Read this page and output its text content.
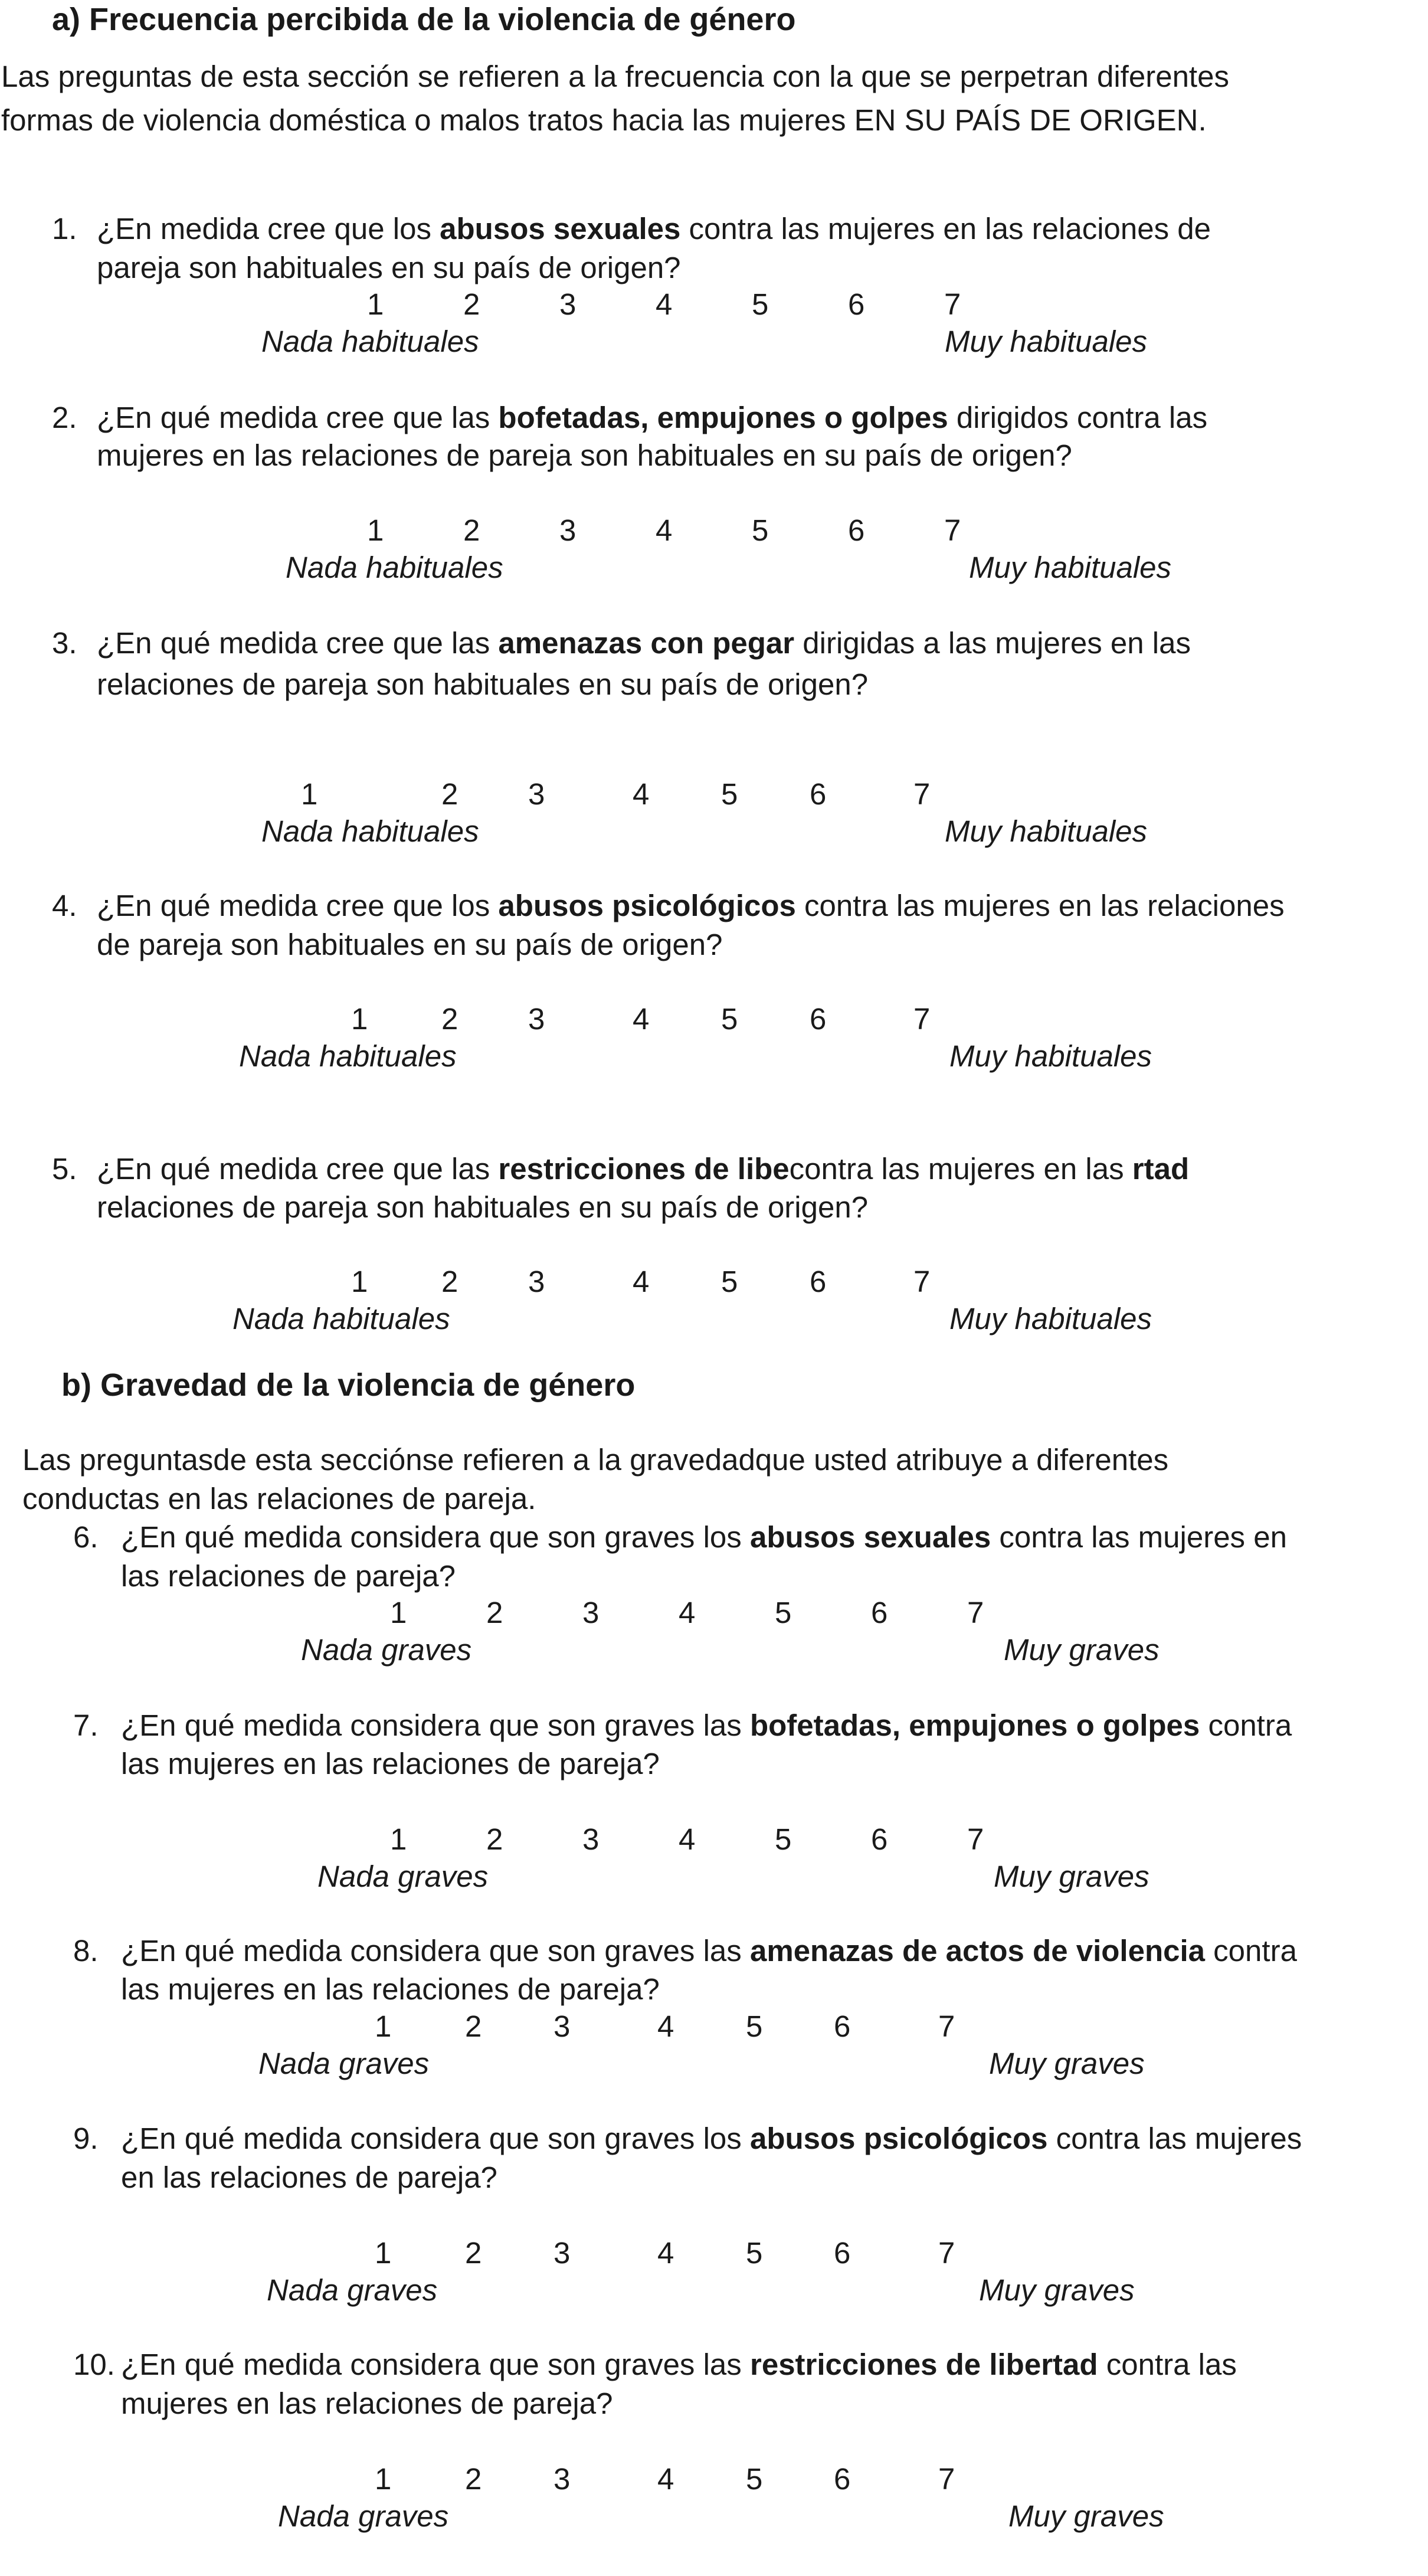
a) Frecuencia percibida de la violencia de género
Las preguntas de esta sección se refieren a la frecuencia con la que se perpetran diferentes
formas de violencia doméstica o malos tratos hacia las mujeres EN SU PAÍS DE ORIGEN.
1. ¿En medida cree que los abusos sexuales contra las mujeres en las relaciones de
pareja son habituales en su país de origen?
1	2	3	4	5	6	7
Nada habituales	Muy habituales
2. ¿En qué medida cree que las bofetadas, empujones o golpes dirigidos contra las
mujeres en las relaciones de pareja son habituales en su país de origen?
1	2	3	4	5	6	7
Nada habituales	Muy habituales
3. ¿En qué medida cree que las amenazas con pegar dirigidas a las mujeres en las
relaciones de pareja son habituales en su país de origen?
1	2 3	4 5 6	7
Nada habituales	Muy habituales
4. ¿En qué medida cree que los abusos psicológicos contra las mujeres en las relaciones
de pareja son habituales en su país de origen?
1 2 3	4 5 6	7
Nada habituales	Muy habituales
5. ¿En qué medida cree que las restricciones de libecontra las mujeres en las rtad
relaciones de pareja son habituales en su país de origen?
1 2 3	4 5 6	7
Nada habituales	Muy habituales
b) Gravedad de la violencia de género
Las preguntasde esta secciónse refieren a la gravedadque usted atribuye a diferentes
conductas en las relaciones de pareja.
6. ¿En qué medida considera que son graves los abusos sexuales contra las mujeres en
las relaciones de pareja?
1	2	3	4	5	6	7
Nada graves	Muy graves
7. ¿En qué medida considera que son graves las bofetadas, empujones o golpes contra
las mujeres en las relaciones de pareja?
1	2	3	4	5	6	7
Nada graves	Muy graves
8. ¿En qué medida considera que son graves las amenazas de actos de violencia contra
las mujeres en las relaciones de pareja?
1 2 3	4 5 6	7
Nada graves	Muy graves
9. ¿En qué medida considera que son graves los abusos psicológicos contra las mujeres
en las relaciones de pareja?
1 2 3	4 5 6	7
Nada graves	Muy graves
10. ¿En qué medida considera que son graves las restricciones de libertad contra las
mujeres en las relaciones de pareja?
1 2 3	4 5 6	7
Nada graves	Muy graves
